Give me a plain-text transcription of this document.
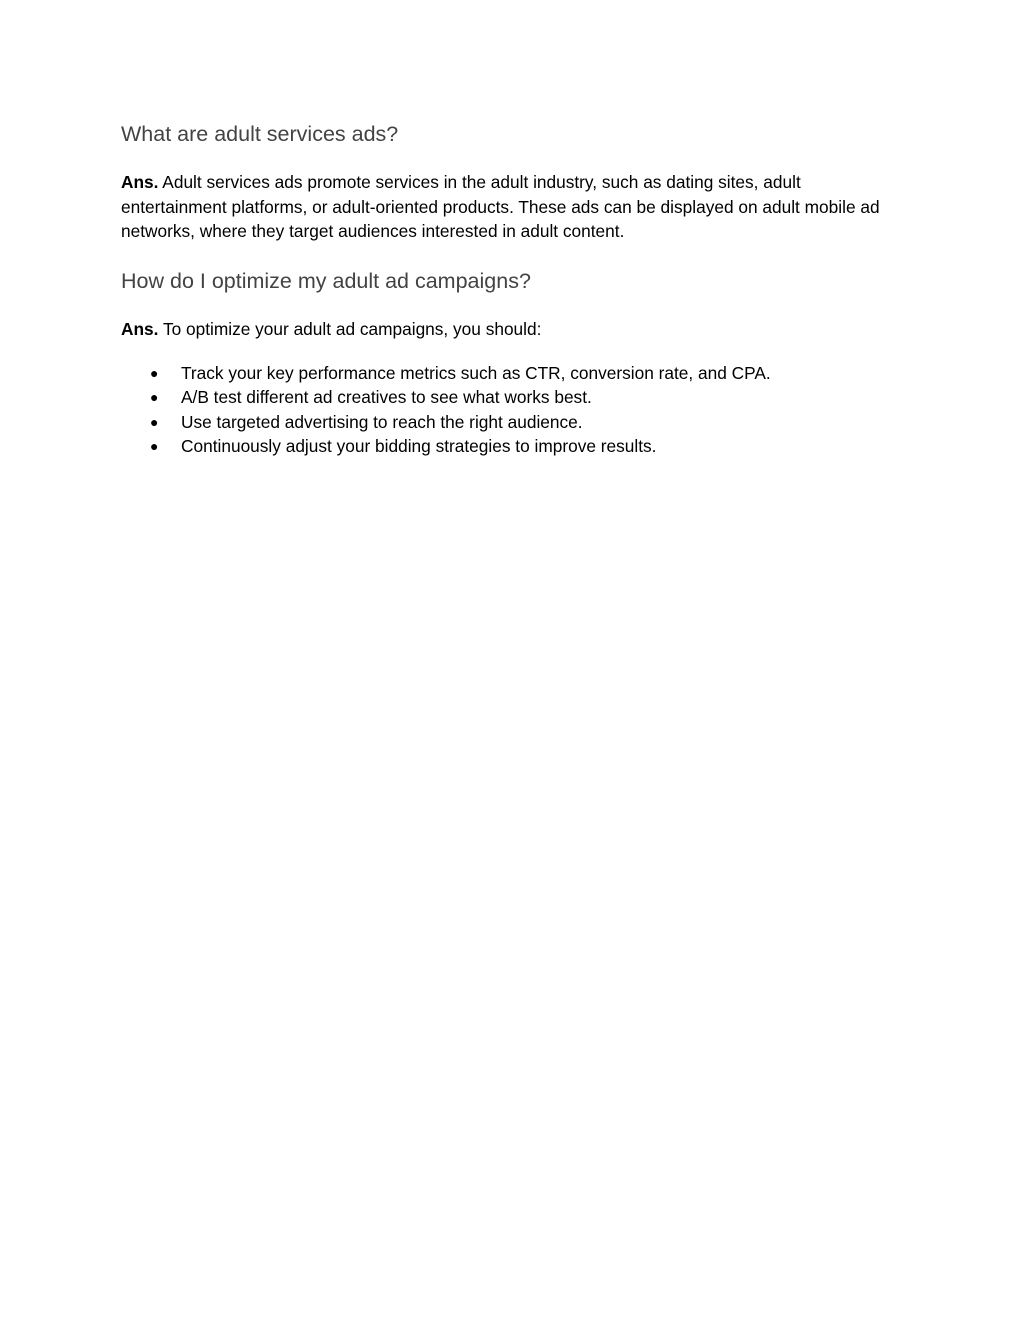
What are adult services ads?

Ans. Adult services ads promote services in the adult industry, such as dating sites, adult entertainment platforms, or adult-oriented products. These ads can be displayed on adult mobile ad networks, where they target audiences interested in adult content.

How do I optimize my adult ad campaigns?

Ans. To optimize your adult ad campaigns, you should:

● Track your key performance metrics such as CTR, conversion rate, and CPA.
● A/B test different ad creatives to see what works best.
● Use targeted advertising to reach the right audience.
● Continuously adjust your bidding strategies to improve results.
